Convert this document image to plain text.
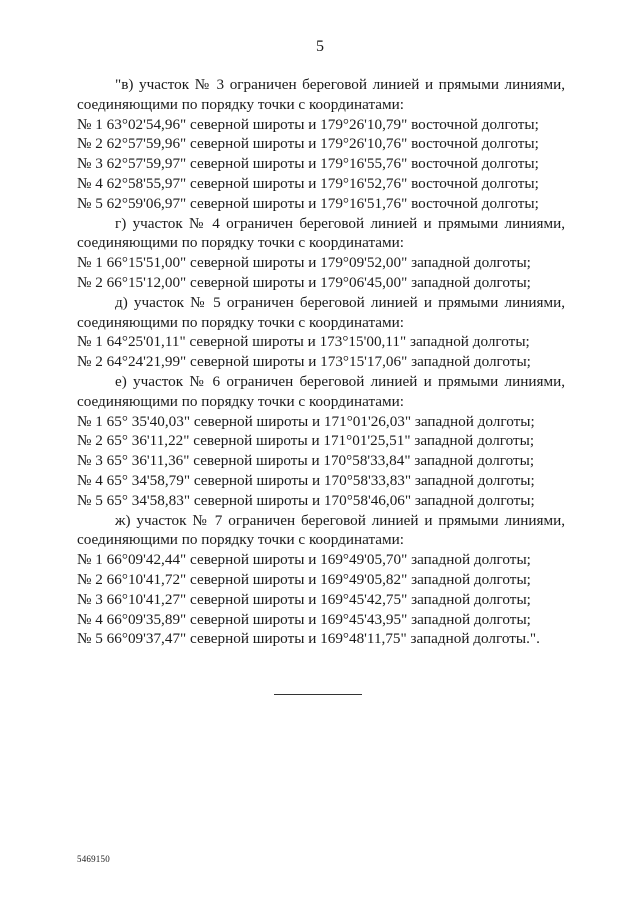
5
"в) участок № 3 ограничен береговой линией и прямыми линиями,
соединяющими по порядку точки с координатами:
№ 1 63°02'54,96" северной широты и 179°26'10,79" восточной долготы;
№ 2 62°57'59,96" северной широты и 179°26'10,76" восточной долготы;
№ 3 62°57'59,97" северной широты и 179°16'55,76" восточной долготы;
№ 4 62°58'55,97" северной широты и 179°16'52,76" восточной долготы;
№ 5 62°59'06,97" северной широты и 179°16'51,76" восточной долготы;
г) участок № 4 ограничен береговой линией и прямыми линиями,
соединяющими по порядку точки с координатами:
№ 1 66°15'51,00" северной широты и 179°09'52,00" западной долготы;
№ 2 66°15'12,00" северной широты и 179°06'45,00" западной долготы;
д) участок № 5 ограничен береговой линией и прямыми линиями,
соединяющими по порядку точки с координатами:
№ 1 64°25'01,11" северной широты и 173°15'00,11" западной долготы;
№ 2 64°24'21,99" северной широты и 173°15'17,06" западной долготы;
е) участок № 6 ограничен береговой линией и прямыми линиями,
соединяющими по порядку точки с координатами:
№ 1 65° 35'40,03" северной широты и 171°01'26,03" западной долготы;
№ 2 65° 36'11,22" северной широты и 171°01'25,51" западной долготы;
№ 3 65° 36'11,36" северной широты и 170°58'33,84" западной долготы;
№ 4 65° 34'58,79" северной широты и 170°58'33,83" западной долготы;
№ 5 65° 34'58,83" северной широты и 170°58'46,06" западной долготы;
ж) участок № 7 ограничен береговой линией и прямыми линиями,
соединяющими по порядку точки с координатами:
№ 1 66°09'42,44" северной широты и 169°49'05,70" западной долготы;
№ 2 66°10'41,72" северной широты и 169°49'05,82" западной долготы;
№ 3 66°10'41,27" северной широты и 169°45'42,75" западной долготы;
№ 4 66°09'35,89" северной широты и 169°45'43,95" западной долготы;
№ 5 66°09'37,47" северной широты и 169°48'11,75" западной долготы.".
5469150
